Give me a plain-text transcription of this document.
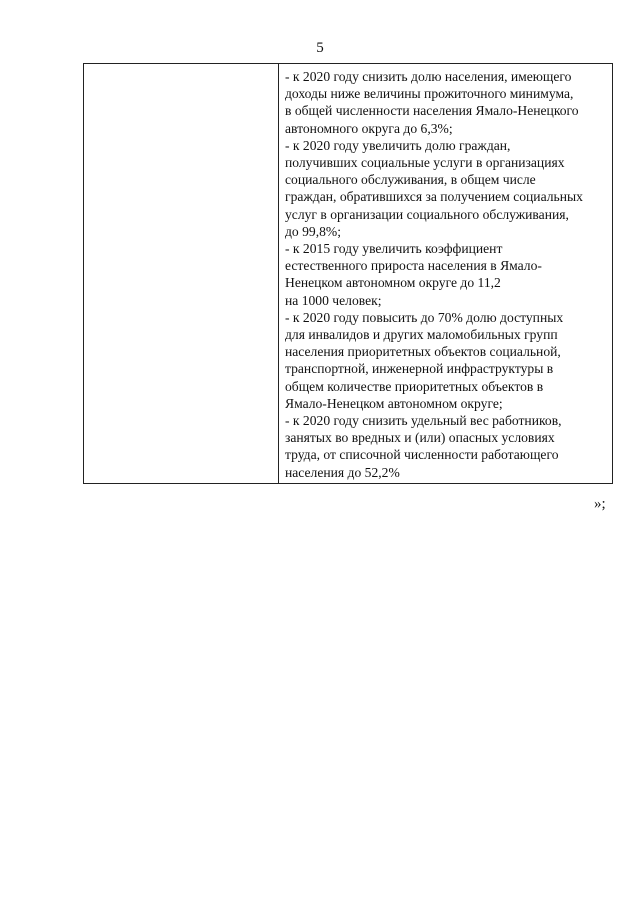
5

- к 2020 году снизить долю населения, имеющего
доходы ниже величины прожиточного минимума,
в общей численности населения Ямало-Ненецкого
автономного округа до 6,3%;

- к 2020 году увеличить долю граждан,
получивших социальные услуги в организациях
социального обслуживания, в общем числе
граждан, обратившихся за получением социальных
услуг в организации социального обслуживания,
до 99,8%;

- к 2015 году увеличить коэффициент
естественного прироста населения в Ямало-
Ненецком автономном округе до 11,2
на 1000 человек;

- к 2020 году повысить до 70% долю доступных
для инвалидов и других маломобильных групп
населения приоритетных объектов социальной,
транспортной, инженерной инфраструктуры в
общем количестве приоритетных объектов в
Ямало-Ненецком автономном округе;

- к 2020 году снизить удельный вес работников,
занятых во вредных и (или) опасных условиях
труда, от списочной численности работающего
населения до 52,2%

»;
